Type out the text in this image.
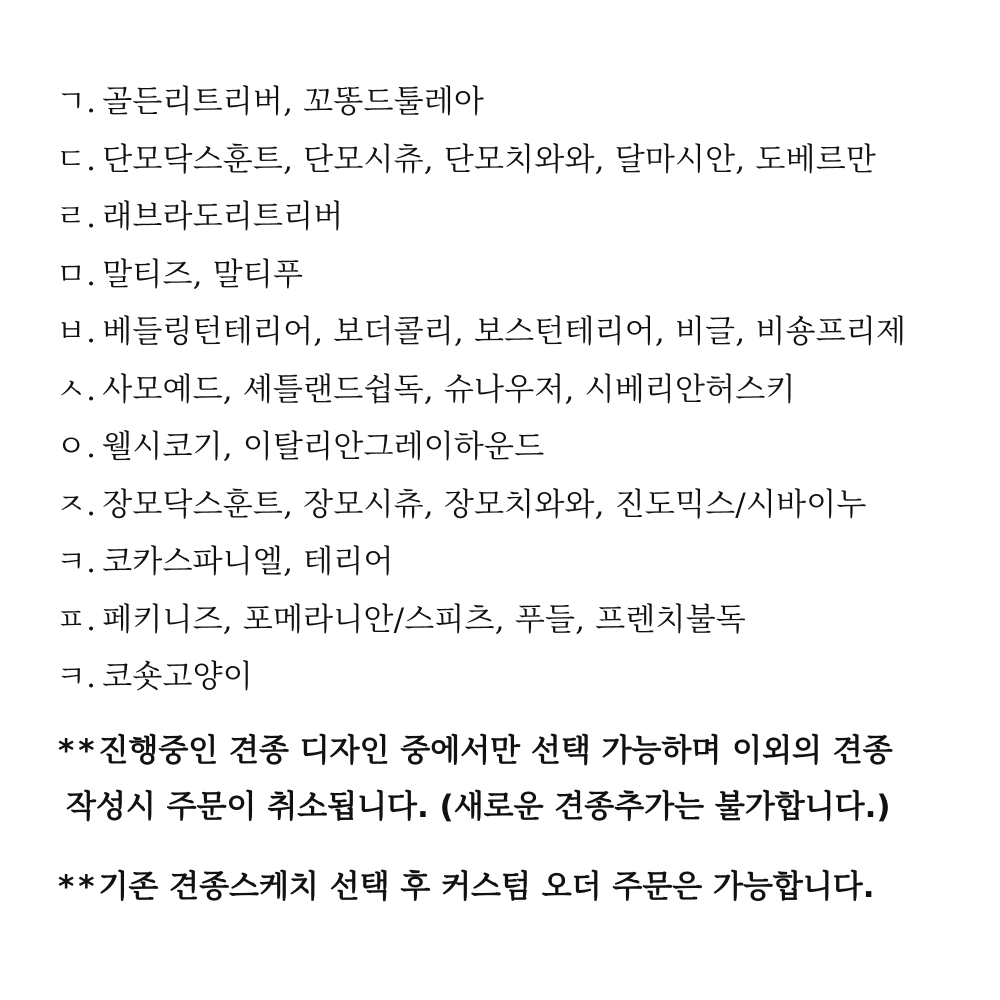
ㄱ. 골든리트리버, 꼬똥드툴레아
ㄷ. 단모닥스훈트, 단모시츄, 단모치와와, 달마시안, 도베르만
ㄹ. 래브라도리트리버
ㅁ. 말티즈, 말티푸
ㅂ. 베들링턴테리어, 보더콜리, 보스턴테리어, 비글, 비숑프리제
ㅅ. 사모예드, 셰틀랜드쉽독, 슈나우저, 시베리안허스키
ㅇ. 웰시코기, 이탈리안그레이하운드
ㅈ. 장모닥스훈트, 장모시츄, 장모치와와, 진도믹스/시바이누
ㅋ. 코카스파니엘, 테리어
ㅍ. 페키니즈, 포메라니안/스피츠, 푸들, 프렌치불독
ㅋ. 코숏고양이
**진행중인 견종 디자인 중에서만 선택 가능하며 이외의 견종
작성시 주문이 취소됩니다. (새로운 견종추가는 불가합니다.)
**기존 견종스케치 선택 후 커스텀 오더 주문은 가능합니다.
